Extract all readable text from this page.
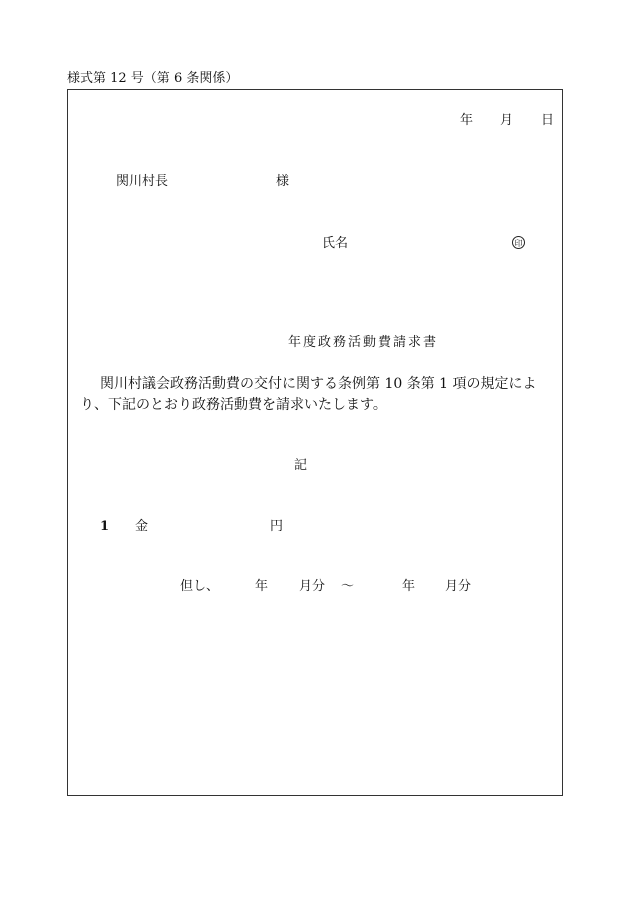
様式第 12 号（第 6 条関係）
年 月 日
関川村長	様
氏名	印
年度政務活動費請求書
関川村議会政務活動費の交付に関する条例第 10 条第 1 項の規定により、下記のとおり政務活動費を請求いたします。
記
1 金	円
但し、	年 月分 ～	年 月分
